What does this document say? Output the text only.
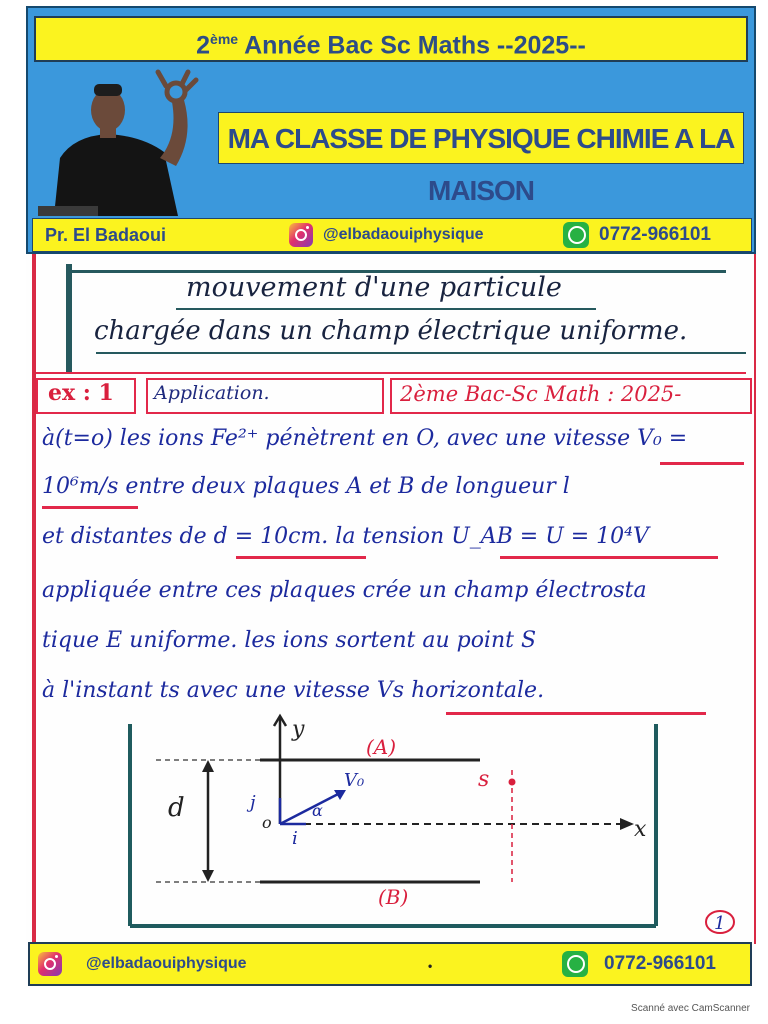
2ème Année Bac Sc Maths --2025--
MA CLASSE DE PHYSIQUE CHIMIE A LA MAISON
Pr. El Badaoui	@elbadaouiphysique	0772-966101
mouvement d'une particule
chargée dans un champ électrique uniforme.
ex : 1 Application.	2ème Bac-Sc Math : 2025-
à(t=o) les ions Fe²⁺ pénètrent en O, avec une vitesse V₀ =
10⁶m/s entre deux plaques A et B de longueur l
et distantes de d = 10cm. la tension U_AB = U = 10⁴V
appliquée entre ces plaques crée un champ électrosta
tique E uniforme. les ions sortent au point S
à l'instant ts avec une vitesse Vs horizontale.
(A)
(B)
y
x
d
s
o
j
i
V₀
α
1
@elbadaouiphysique	•	0772-966101
Scanné avec CamScanner
